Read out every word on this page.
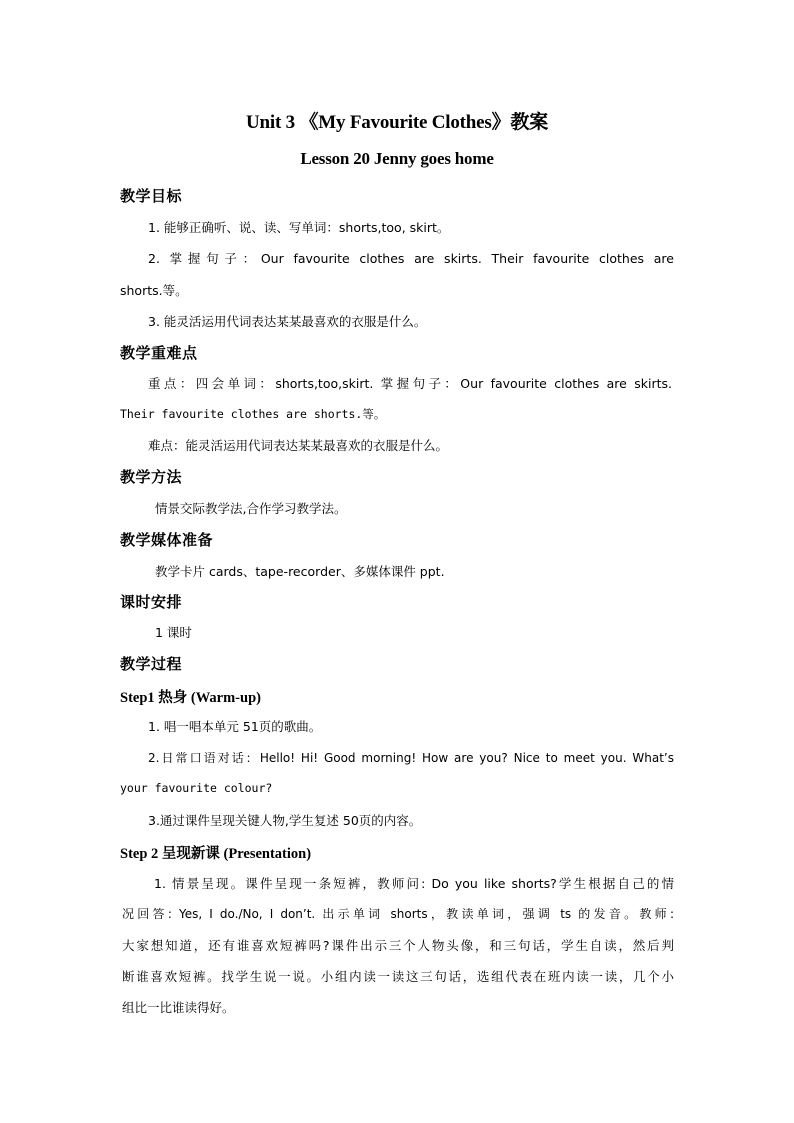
Unit 3 《My Favourite Clothes》教案
Lesson 20 Jenny goes home
教学目标
1. 能够正确听、说、读、写单词：shorts,too, skirt。
2. 掌握句子：Our favourite clothes are skirts. Their favourite clothes are
shorts.等。
3. 能灵活运用代词表达某某最喜欢的衣服是什么。
教学重难点
重点：四会单词：shorts,too,skirt. 掌握句子：Our favourite clothes are skirts.
Their favourite clothes are shorts.等。
难点：能灵活运用代词表达某某最喜欢的衣服是什么。
教学方法
情景交际教学法,合作学习教学法。
教学媒体准备
教学卡片 cards、tape-recorder、多媒体课件 ppt.
课时安排
1 课时
教学过程
Step1 热身 (Warm-up)
1. 唱一唱本单元 51页的歌曲。
2.日常口语对话：Hello! Hi! Good morning! How are you? Nice to meet you. What’s
your favourite colour?
3.通过课件呈现关键人物,学生复述 50页的内容。
Step 2 呈现新课 (Presentation)
1. 情景呈现。课件呈现一条短裤，教师问: Do you like shorts?学生根据自己的情
况回答: Yes, I do./No, I don’t. 出示单词 shorts，教读单词，强调 ts 的发音。教师:
大家想知道，还有谁喜欢短裤吗?课件出示三个人物头像，和三句话，学生自读，然后判
断谁喜欢短裤。找学生说一说。小组内读一读这三句话，选组代表在班内读一读，几个小
组比一比谁读得好。
